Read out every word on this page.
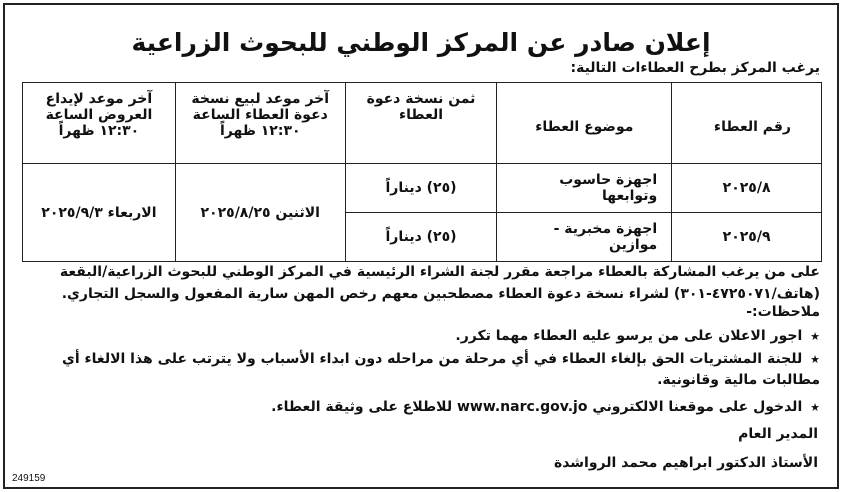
إعلان صادر عن المركز الوطني للبحوث الزراعية
يرغب المركز بطرح العطاءات التالية:
رقم العطاء	موضوع العطاء	ثمن نسخة دعوة العطاء	آخر موعد لبيع نسخة دعوة العطاء الساعة ١٢:٣٠ ظهراً	آخر موعد لإيداع العروض الساعة ١٢:٣٠ ظهراً
٢٠٢٥/٨	اجهزة حاسوب وتوابعها	(٢٥) ديناراً	الاثنين ٢٠٢٥/٨/٢٥	الاربعاء ٢٠٢٥/٩/٣
٢٠٢٥/٩	اجهزة مخبرية - موازين	(٢٥) ديناراً		
على من يرغب المشاركة بالعطاء مراجعة مقرر لجنة الشراء الرئيسية في المركز الوطني للبحوث الزراعية/البقعة
(هاتف/٤٧٢٥٠٧١-٣٠١) لشراء نسخة دعوة العطاء مصطحبين معهم رخص المهن سارية المفعول والسجل التجاري.
ملاحظات:-
★ اجور الاعلان على من يرسو عليه العطاء مهما تكرر.
★ للجنة المشتريات الحق بإلغاء العطاء في أي مرحلة من مراحله دون ابداء الأسباب ولا يترتب على هذا الالغاء أي مطالبات مالية وقانونية.
★ الدخول على موقعنا الالكتروني www.narc.gov.jo للاطلاع على وثيقة العطاء.
المدير العام
الأستاذ الدكتور ابراهيم محمد الرواشدة
249159
